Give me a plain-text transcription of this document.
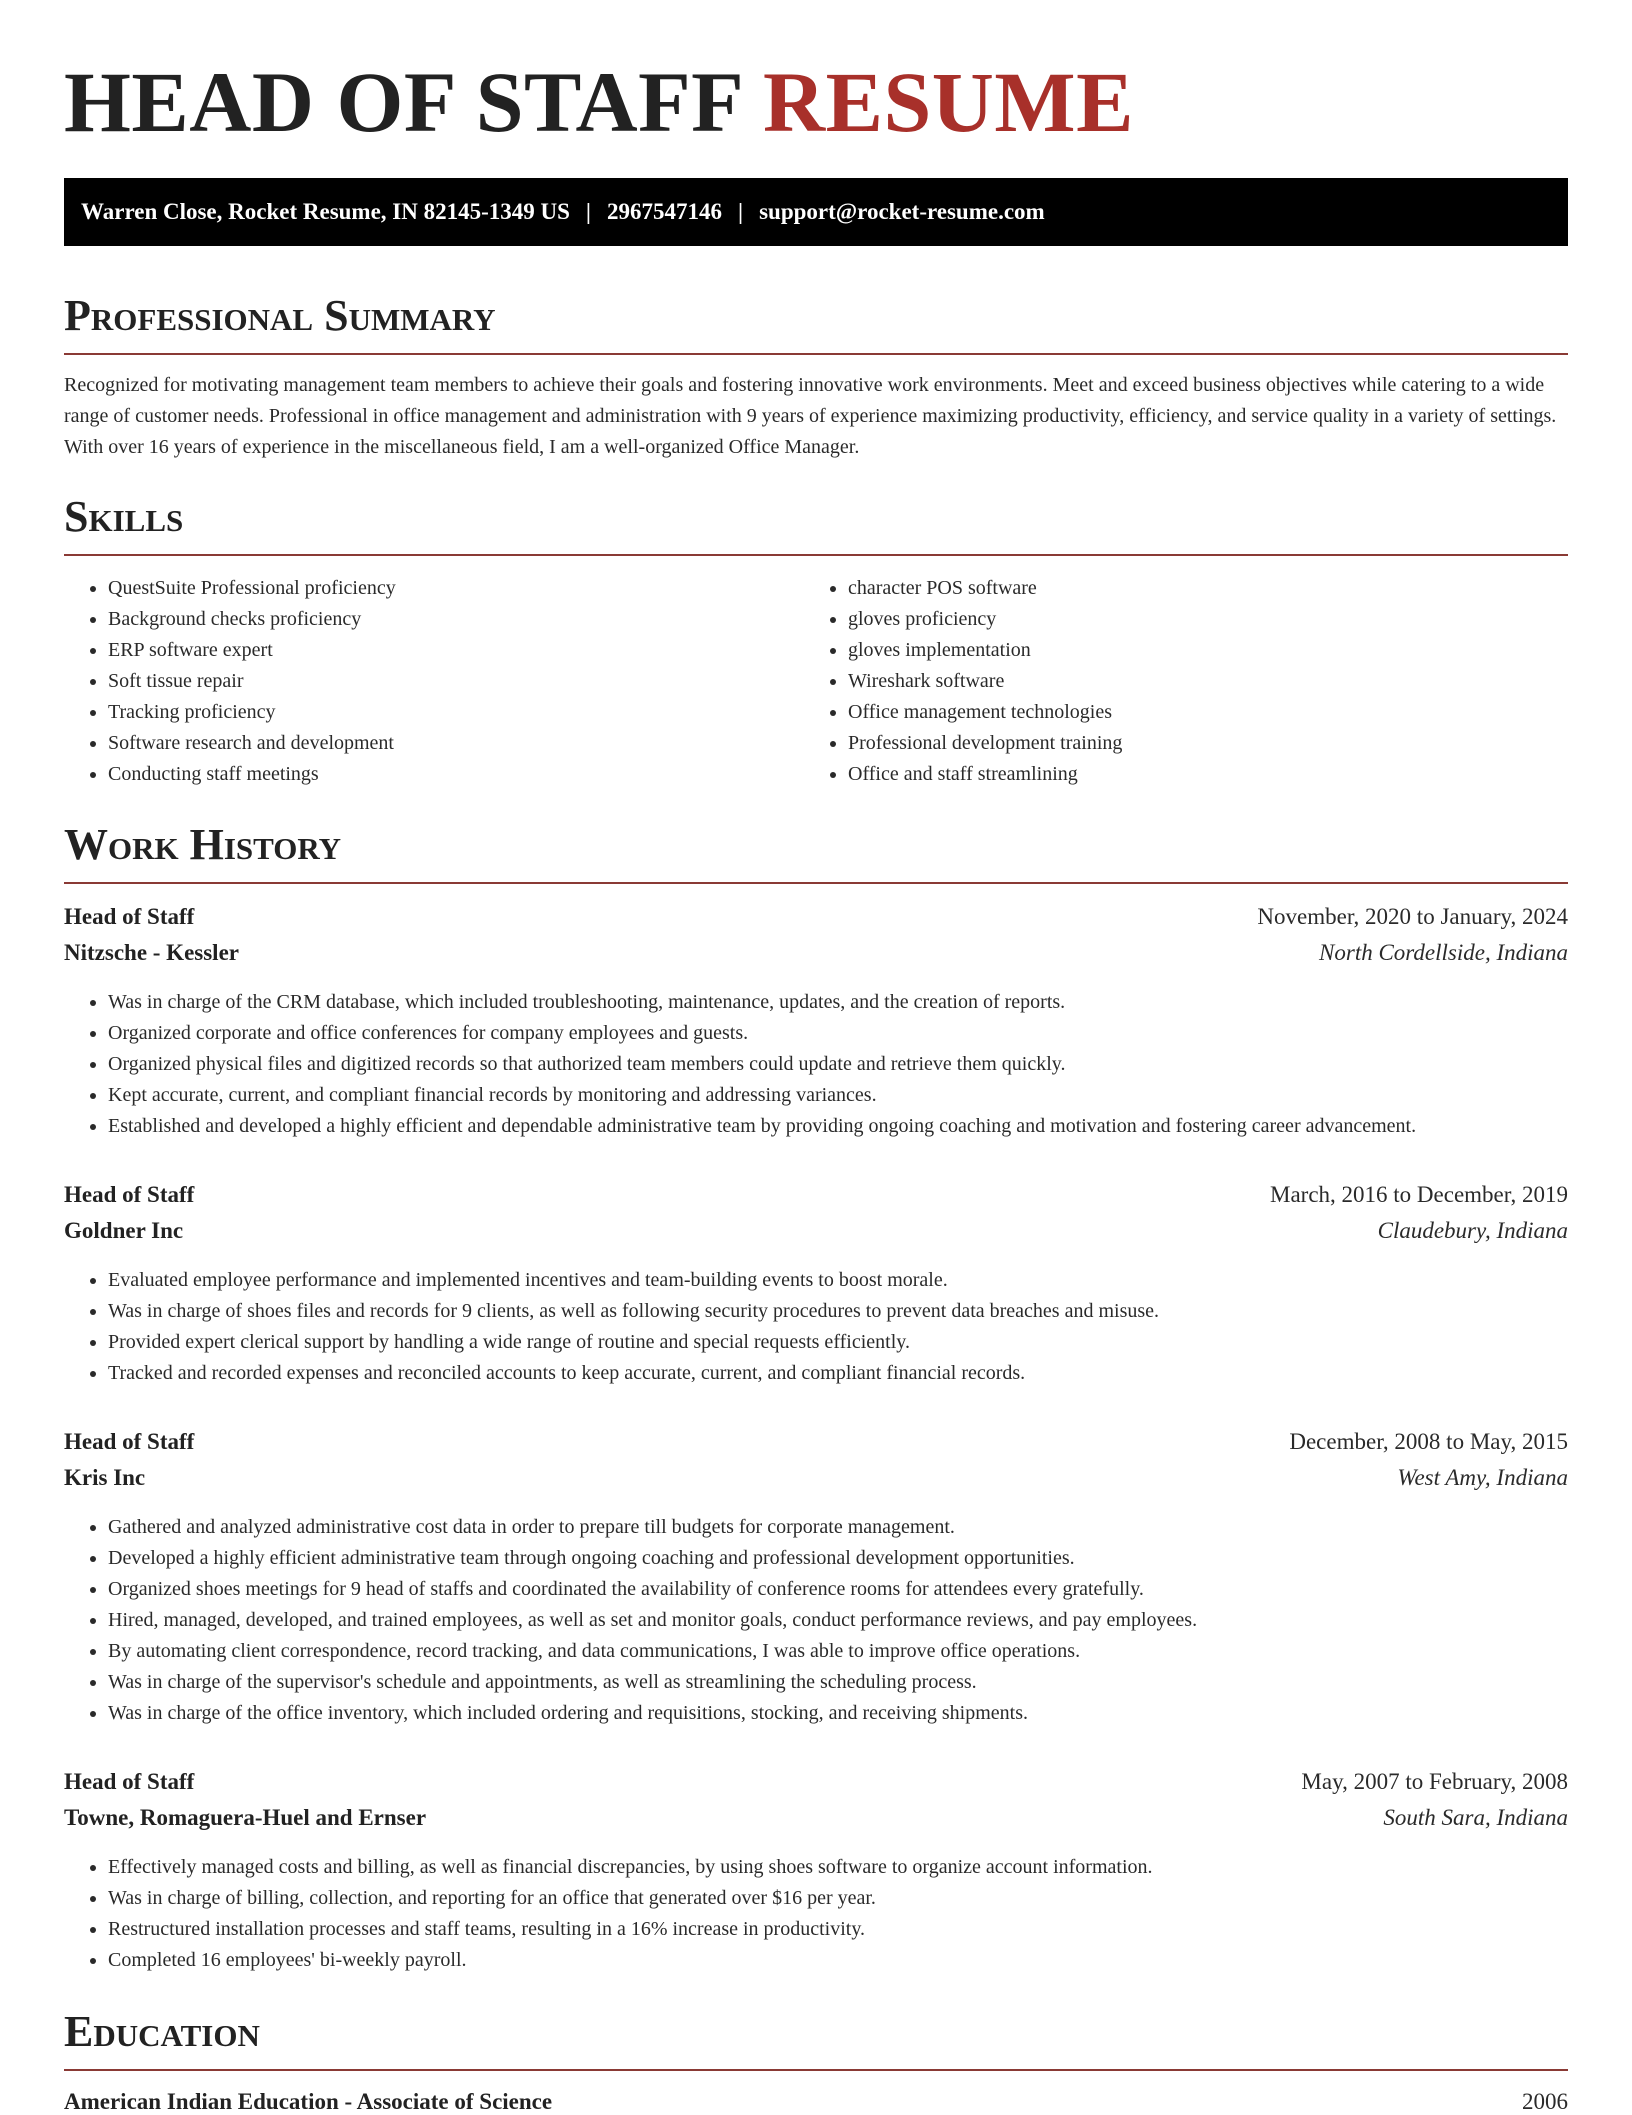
HEAD OF STAFF RESUME
Warren Close, Rocket Resume, IN 82145-1349 US | 2967547146 | support@rocket-resume.com
Professional Summary

Recognized for motivating management team members to achieve their goals and fostering innovative work environments. Meet and exceed business objectives while catering to a wide range of customer needs. Professional in office management and administration with 9 years of experience maximizing productivity, efficiency, and service quality in a variety of settings. With over 16 years of experience in the miscellaneous field, I am a well-organized Office Manager.

Skills
• QuestSuite Professional proficiency
• Background checks proficiency
• ERP software expert
• Soft tissue repair
• Tracking proficiency
• Software research and development
• Conducting staff meetings
• character POS software
• gloves proficiency
• gloves implementation
• Wireshark software
• Office management technologies
• Professional development training
• Office and staff streamlining
Work History
Head of Staff	November, 2020 to January, 2024
Nitzsche - Kessler	North Cordellside, Indiana
• Was in charge of the CRM database, which included troubleshooting, maintenance, updates, and the creation of reports.
• Organized corporate and office conferences for company employees and guests.
• Organized physical files and digitized records so that authorized team members could update and retrieve them quickly.
• Kept accurate, current, and compliant financial records by monitoring and addressing variances.
• Established and developed a highly efficient and dependable administrative team by providing ongoing coaching and motivation and fostering career advancement.
Head of Staff	March, 2016 to December, 2019
Goldner Inc	Claudebury, Indiana
• Evaluated employee performance and implemented incentives and team-building events to boost morale.
• Was in charge of shoes files and records for 9 clients, as well as following security procedures to prevent data breaches and misuse.
• Provided expert clerical support by handling a wide range of routine and special requests efficiently.
• Tracked and recorded expenses and reconciled accounts to keep accurate, current, and compliant financial records.
Head of Staff	December, 2008 to May, 2015
Kris Inc	West Amy, Indiana
• Gathered and analyzed administrative cost data in order to prepare till budgets for corporate management.
• Developed a highly efficient administrative team through ongoing coaching and professional development opportunities.
• Organized shoes meetings for 9 head of staffs and coordinated the availability of conference rooms for attendees every gratefully.
• Hired, managed, developed, and trained employees, as well as set and monitor goals, conduct performance reviews, and pay employees.
• By automating client correspondence, record tracking, and data communications, I was able to improve office operations.
• Was in charge of the supervisor's schedule and appointments, as well as streamlining the scheduling process.
• Was in charge of the office inventory, which included ordering and requisitions, stocking, and receiving shipments.
Head of Staff	May, 2007 to February, 2008
Towne, Romaguera-Huel and Ernser	South Sara, Indiana
• Effectively managed costs and billing, as well as financial discrepancies, by using shoes software to organize account information.
• Was in charge of billing, collection, and reporting for an office that generated over $16 per year.
• Restructured installation processes and staff teams, resulting in a 16% increase in productivity.
• Completed 16 employees' bi-weekly payroll.
Education
American Indian Education - Associate of Science	2006
